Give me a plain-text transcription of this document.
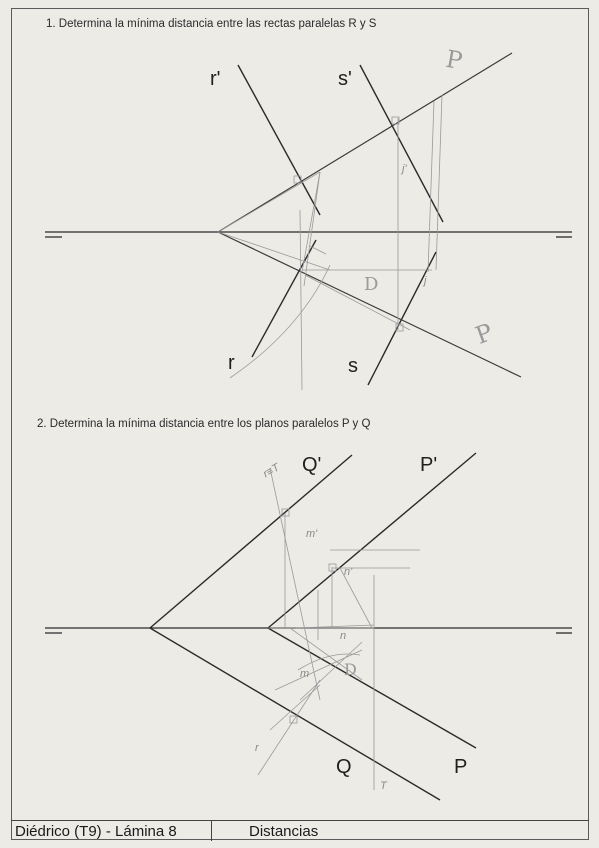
1. Determina la mínima distancia entre las rectas paralelas R y S
r'	s'
r	s
P
P
D
j'
j
2. Determina la mínima distancia entre los planos paralelos P y Q
Q'	P'
Q	P
r≡T
m'
n'
n
m D
r
T
Diédrico (T9) - Lámina 8	Distancias
